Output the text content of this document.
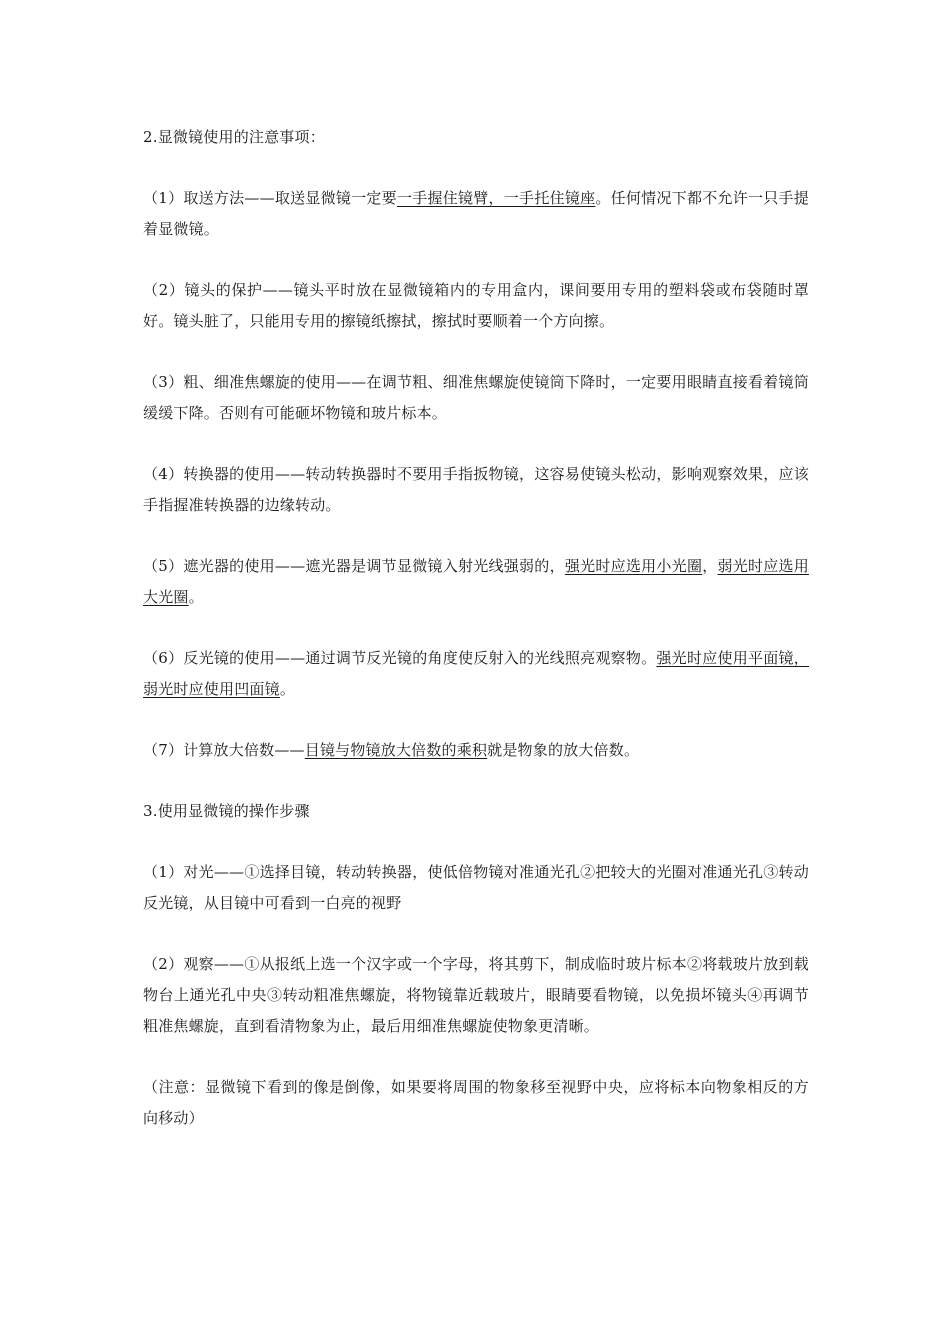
2.显微镜使用的注意事项：

（1）取送方法——取送显微镜一定要一手握住镜臂，一手托住镜座。任何情况下都不允许一只手提着显微镜。

（2）镜头的保护——镜头平时放在显微镜箱内的专用盒内，课间要用专用的塑料袋或布袋随时罩好。镜头脏了，只能用专用的擦镜纸擦拭，擦拭时要顺着一个方向擦。

（3）粗、细准焦螺旋的使用——在调节粗、细准焦螺旋使镜筒下降时，一定要用眼睛直接看着镜筒缓缓下降。否则有可能砸坏物镜和玻片标本。

（4）转换器的使用——转动转换器时不要用手指扳物镜，这容易使镜头松动，影响观察效果，应该手指握准转换器的边缘转动。

（5）遮光器的使用——遮光器是调节显微镜入射光线强弱的，强光时应选用小光圈，弱光时应选用大光圈。

（6）反光镜的使用——通过调节反光镜的角度使反射入的光线照亮观察物。强光时应使用平面镜，弱光时应使用凹面镜。

（7）计算放大倍数——目镜与物镜放大倍数的乘积就是物象的放大倍数。

3.使用显微镜的操作步骤

（1）对光——①选择目镜，转动转换器，使低倍物镜对准通光孔②把较大的光圈对准通光孔③转动反光镜，从目镜中可看到一白亮的视野

（2）观察——①从报纸上选一个汉字或一个字母，将其剪下，制成临时玻片标本②将载玻片放到载物台上通光孔中央③转动粗准焦螺旋，将物镜靠近载玻片，眼睛要看物镜，以免损坏镜头④再调节粗准焦螺旋，直到看清物象为止，最后用细准焦螺旋使物象更清晰。

（注意：显微镜下看到的像是倒像，如果要将周围的物象移至视野中央，应将标本向物象相反的方向移动）
